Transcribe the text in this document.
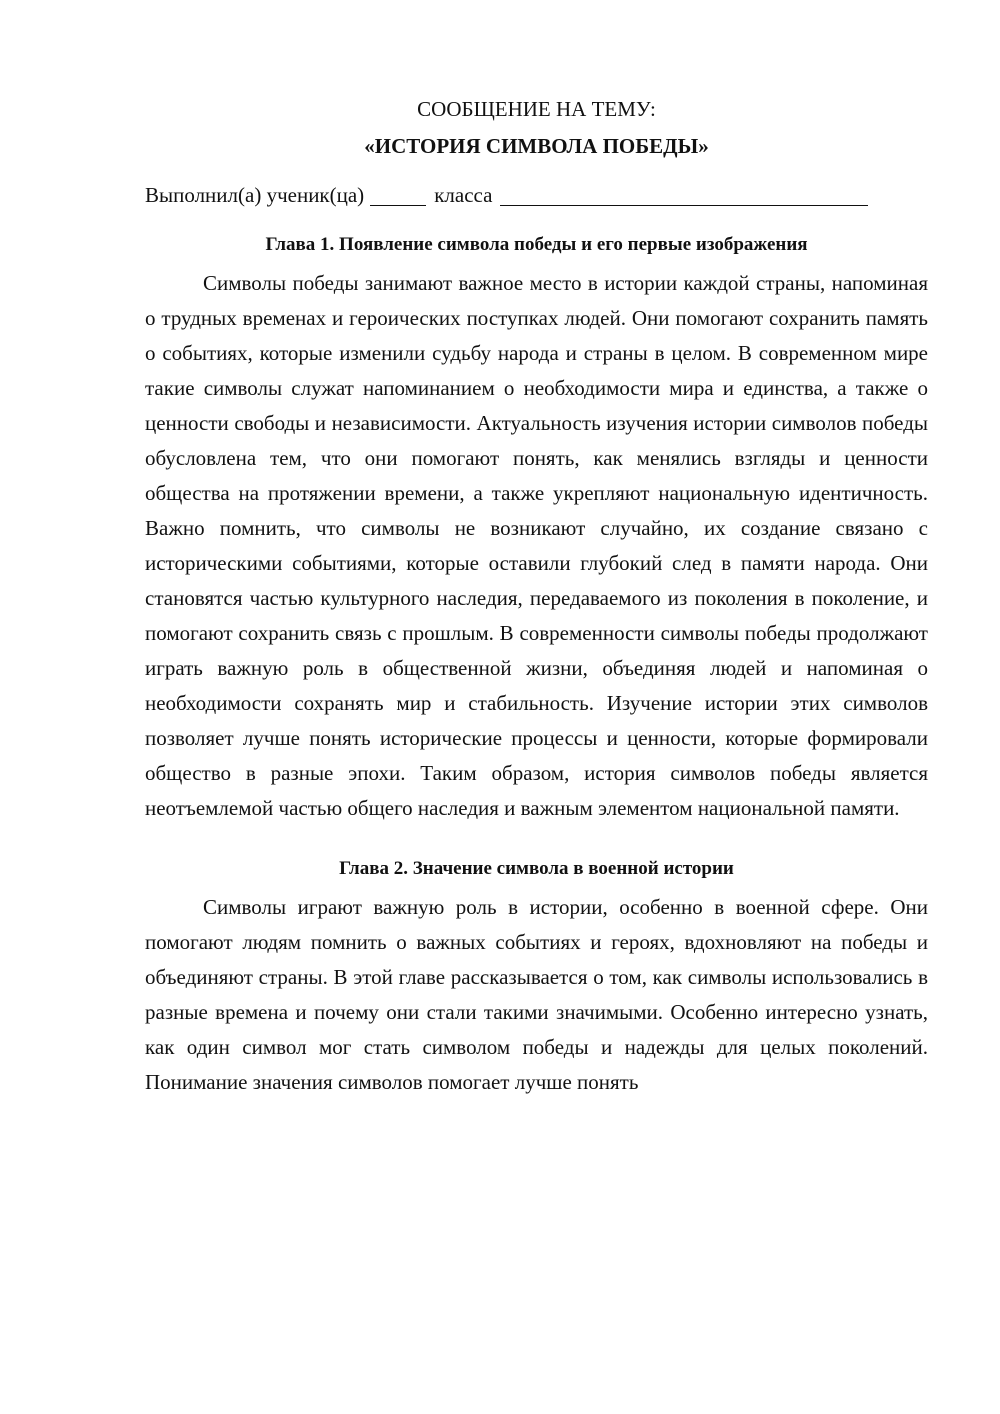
СООБЩЕНИЕ НА ТЕМУ:

«ИСТОРИЯ СИМВОЛА ПОБЕДЫ»

Выполнил(а) ученик(ца)	класса

Глава 1. Появление символа победы и его первые изображения

Символы победы занимают важное место в истории каждой страны, напоминая о трудных временах и героических поступках людей. Они помогают сохранить память о событиях, которые изменили судьбу народа и страны в целом. В современном мире такие символы служат напоминанием о необходимости мира и единства, а также о ценности свободы и независимости. Актуальность изучения истории символов победы обусловлена тем, что они помогают понять, как менялись взгляды и ценности общества на протяжении времени, а также укрепляют национальную идентичность. Важно помнить, что символы не возникают случайно, их создание связано с историческими событиями, которые оставили глубокий след в памяти народа. Они становятся частью культурного наследия, передаваемого из поколения в поколение, и помогают сохранить связь с прошлым. В современности символы победы продолжают играть важную роль в общественной жизни, объединяя людей и напоминая о необходимости сохранять мир и стабильность. Изучение истории этих символов позволяет лучше понять исторические процессы и ценности, которые формировали общество в разные эпохи. Таким образом, история символов победы является неотъемлемой частью общего наследия и важным элементом национальной памяти.

Глава 2. Значение символа в военной истории

Символы играют важную роль в истории, особенно в военной сфере. Они помогают людям помнить о важных событиях и героях, вдохновляют на победы и объединяют страны. В этой главе рассказывается о том, как символы использовались в разные времена и почему они стали такими значимыми. Особенно интересно узнать, как один символ мог стать символом победы и надежды для целых поколений. Понимание значения символов помогает лучше понять
